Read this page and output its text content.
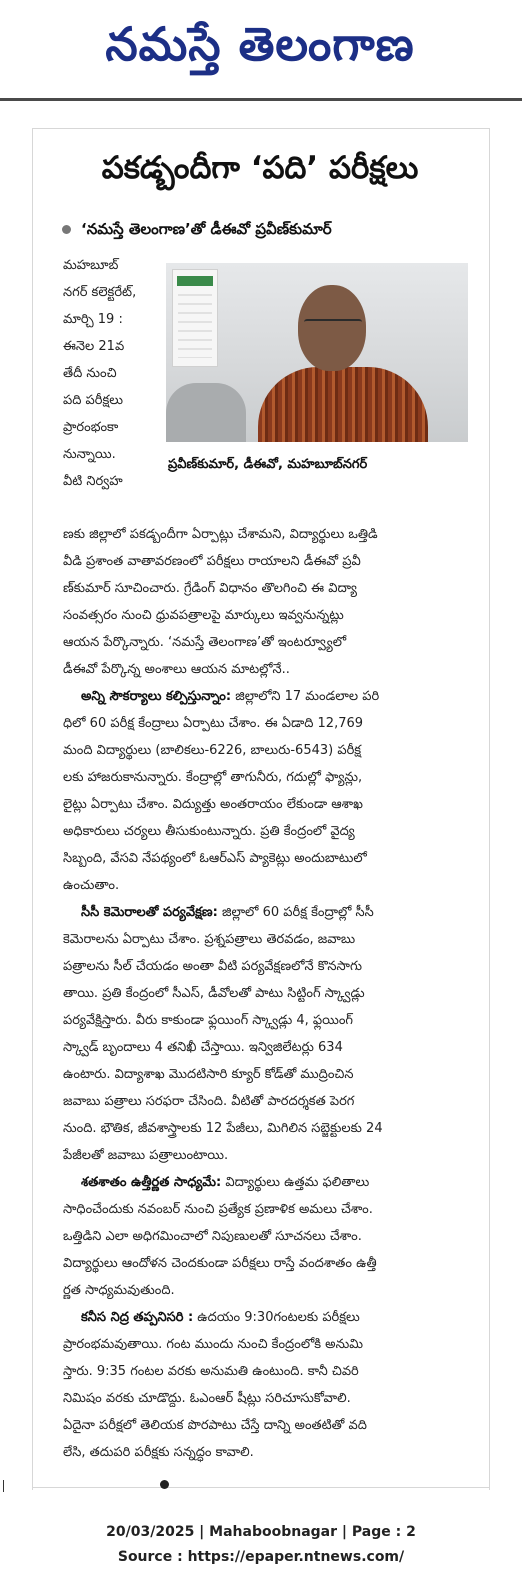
నమస్తే తెలంగాణ
పకడ్బందీగా ‘పది’ పరీక్షలు
‘నమస్తే తెలంగాణ’తో డీఈవో ప్రవీణ్‌కుమార్
మహబూబ్
నగర్ కలెక్టరేట్,
మార్చి 19 :
ఈనెల 21వ
తేదీ నుంచి
పది పరీక్షలు
ప్రారంభంకా
నున్నాయి.
వీటి నిర్వహ
ప్రవీణ్‌కుమార్, డీఈవో, మహబూబ్‌నగర్
ణకు జిల్లాలో పకడ్బందీగా ఏర్పాట్లు చేశామని, విద్యార్థులు ఒత్తిడి
వీడి ప్రశాంత వాతావరణంలో పరీక్షలు రాయాలని డీఈవో ప్రవీ
ణ్‌కుమార్ సూచించారు. గ్రేడింగ్ విధానం తొలగించి ఈ విద్యా
సంవత్సరం నుంచి ధ్రువపత్రాలపై మార్కులు ఇవ్వనున్నట్లు
ఆయన పేర్కొన్నారు. ‘నమస్తే తెలంగాణ’తో ఇంటర్వ్యూలో
డీఈవో పేర్కొన్న అంశాలు ఆయన మాటల్లోనే..
అన్ని సౌకర్యాలు కల్పిస్తున్నాం: జిల్లాలోని 17 మండలాల పరి
ధిలో 60 పరీక్ష కేంద్రాలు ఏర్పాటు చేశాం. ఈ ఏడాది 12,769
మంది విద్యార్థులు (బాలికలు-6226, బాలురు-6543) పరీక్ష
లకు హాజరుకానున్నారు. కేంద్రాల్లో తాగునీరు, గదుల్లో ఫ్యాన్లు,
లైట్లు ఏర్పాటు చేశాం. విద్యుత్తు అంతరాయం లేకుండా ఆశాఖ
అధికారులు చర్యలు తీసుకుంటున్నారు. ప్రతి కేంద్రంలో వైద్య
సిబ్బంది, వేసవి నేపథ్యంలో ఓఆర్ఎస్ ప్యాకెట్లు అందుబాటులో
ఉంచుతాం.
సీసీ కెమెరాలతో పర్యవేక్షణ: జిల్లాలో 60 పరీక్ష కేంద్రాల్లో సీసీ
కెమెరాలను ఏర్పాటు చేశాం. ప్రశ్నపత్రాలు తెరవడం, జవాబు
పత్రాలను సీల్ చేయడం అంతా వీటి పర్యవేక్షణలోనే కొనసాగు
తాయి. ప్రతి కేంద్రంలో సీఎస్, డీవోలతో పాటు సిట్టింగ్ స్క్వాడ్లు
పర్యవేక్షిస్తారు. వీరు కాకుండా ఫ్లయింగ్ స్క్వాడ్లు 4, ఫ్లయింగ్
స్క్వాడ్ బృందాలు 4 తనిఖీ చేస్తాయి. ఇన్విజిలేటర్లు 634
ఉంటారు. విద్యాశాఖ మొదటిసారి క్యూర్ కోడ్‌తో ముద్రించిన
జవాబు పత్రాలు సరఫరా చేసింది. వీటితో పారదర్శకత పెరగ
నుంది. భౌతిక, జీవశాస్త్రాలకు 12 పేజీలు, మిగిలిన సబ్జెక్టులకు 24
పేజీలతో జవాబు పత్రాలుంటాయి.
శతశాతం ఉత్తీర్ణత సాధ్యమే: విద్యార్థులు ఉత్తమ ఫలితాలు
సాధించేందుకు నవంబర్ నుంచి ప్రత్యేక ప్రణాళిక అమలు చేశాం.
ఒత్తిడిని ఎలా అధిగమించాలో నిపుణులతో సూచనలు చేశాం.
విద్యార్థులు ఆందోళన చెందకుండా పరీక్షలు రాస్తే వందశాతం ఉత్తీ
ర్ణత సాధ్యమవుతుంది.
కనీస నిద్ర తప్పనిసరి : ఉదయం 9:30గంటలకు పరీక్షలు
ప్రారంభమవుతాయి. గంట ముందు నుంచి కేంద్రంలోకి అనుమి
స్తారు. 9:35 గంటల వరకు అనుమతి ఉంటుంది. కానీ చివరి
నిమిషం వరకు చూడొద్దు. ఓఎంఆర్ షీట్లు సరిచూసుకోవాలి.
ఏదైనా పరీక్షలో తెలియక పొరపాటు చేస్తే దాన్ని అంతటితో వది
లేసి, తదుపరి పరీక్షకు సన్నద్ధం కావాలి.
20/03/2025 | Mahaboobnagar | Page : 2
Source : https://epaper.ntnews.com/
